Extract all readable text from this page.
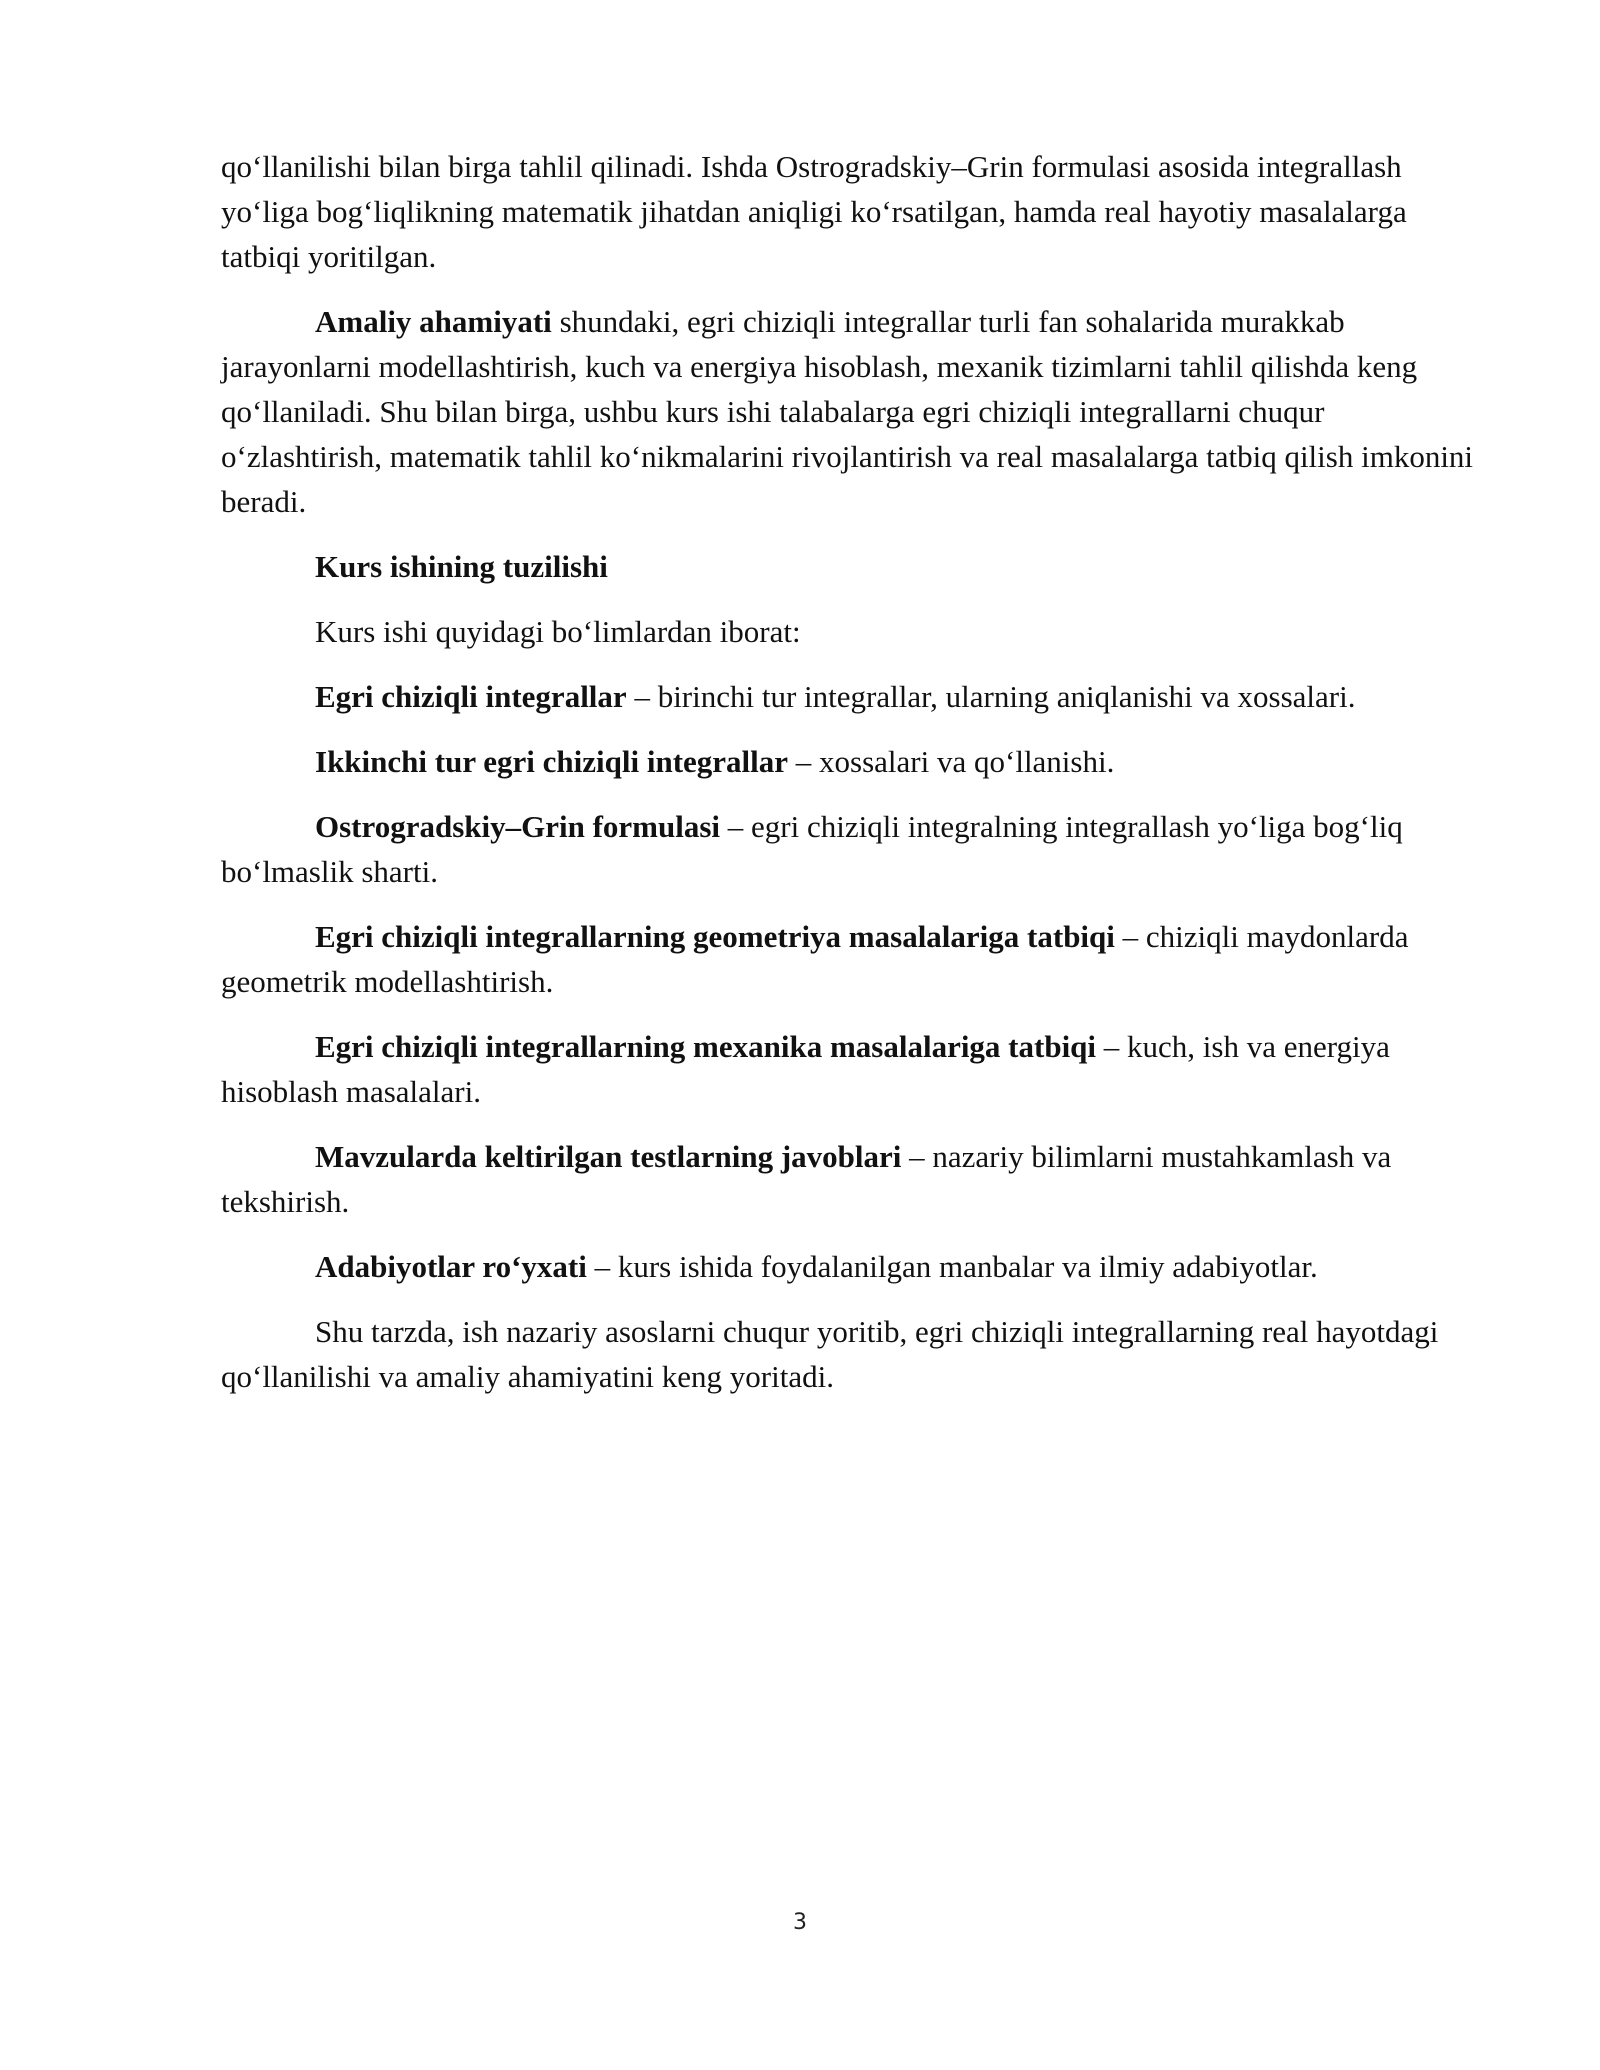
qo‘llanilishi bilan birga tahlil qilinadi. Ishda Ostrogradskiy–Grin formulasi asosida integrallash yo‘liga bog‘liqlikning matematik jihatdan aniqligi ko‘rsatilgan, hamda real hayotiy masalalarga tatbiqi yoritilgan.

Amaliy ahamiyati shundaki, egri chiziqli integrallar turli fan sohalarida murakkab jarayonlarni modellashtirish, kuch va energiya hisoblash, mexanik tizimlarni tahlil qilishda keng qo‘llaniladi. Shu bilan birga, ushbu kurs ishi talabalarga egri chiziqli integrallarni chuqur o‘zlashtirish, matematik tahlil ko‘nikmalarini rivojlantirish va real masalalarga tatbiq qilish imkonini beradi.

Kurs ishining tuzilishi

Kurs ishi quyidagi bo‘limlardan iborat:

Egri chiziqli integrallar – birinchi tur integrallar, ularning aniqlanishi va xossalari.

Ikkinchi tur egri chiziqli integrallar – xossalari va qo‘llanishi.

Ostrogradskiy–Grin formulasi – egri chiziqli integralning integrallash yo‘liga bog‘liq bo‘lmaslik sharti.

Egri chiziqli integrallarning geometriya masalalariga tatbiqi – chiziqli maydonlarda geometrik modellashtirish.

Egri chiziqli integrallarning mexanika masalalariga tatbiqi – kuch, ish va energiya hisoblash masalalari.

Mavzularda keltirilgan testlarning javoblari – nazariy bilimlarni mustahkamlash va tekshirish.

Adabiyotlar ro‘yxati – kurs ishida foydalanilgan manbalar va ilmiy adabiyotlar.

Shu tarzda, ish nazariy asoslarni chuqur yoritib, egri chiziqli integrallarning real hayotdagi qo‘llanilishi va amaliy ahamiyatini keng yoritadi.

3
